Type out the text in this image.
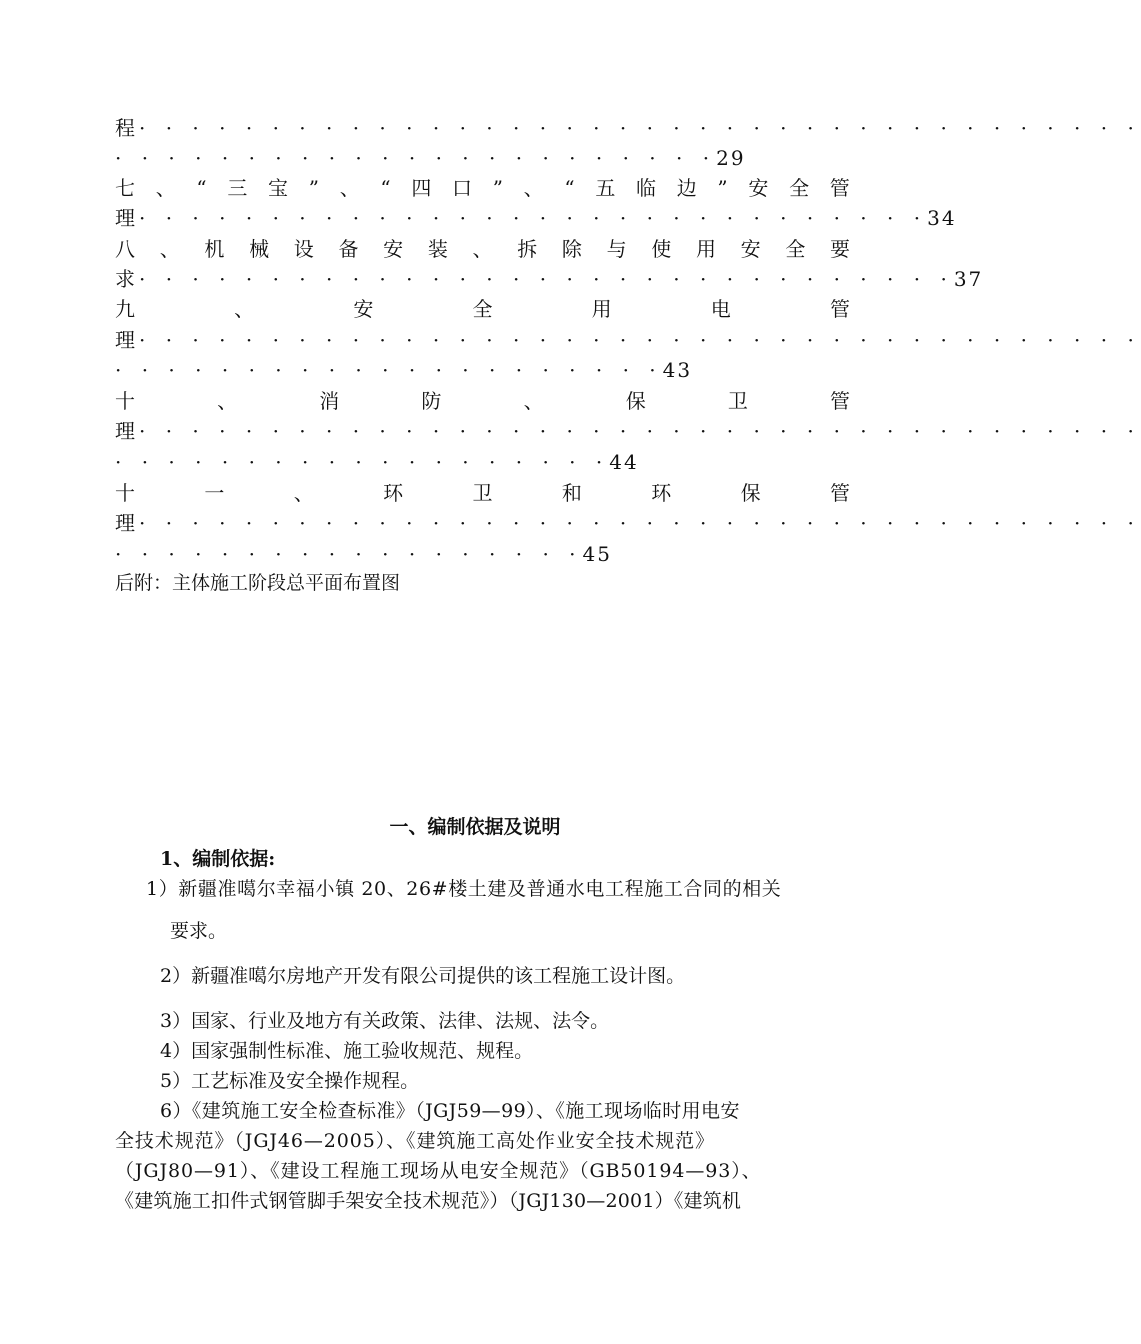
程 · · · · · · · · · · · · · · · · · · · · · · · · · · · · · · · · · · · · · ·
· · · · · · · · · · · · · · · · · · · · · · ·29
七 、 “ 三 宝 ” 、 “ 四 口 ” 、 “ 五 临 边 ” 安 全 管
理 · · · · · · · · · · · · · · · · · · · · · · · · · · · · · ·34
八 、 机 械 设 备 安 装 、 拆 除 与 使 用 安 全 要
求 · · · · · · · · · · · · · · · · · · · · · · · · · · · · · · ·37
九	、	安	全	用	电	管
理 · · · · · · · · · · · · · · · · · · · · · · · · · · · · · · · · · · · · · ·
· · · · · · · · · · · · · · · · · · · · ·43
十	、	消	防	、	保	卫	管
理 · · · · · · · · · · · · · · · · · · · · · · · · · · · · · · · · · · · · · ·
· · · · · · · · · · · · · · · · · · ·44
十	一	、	环	卫	和	环	保	管
理 · · · · · · · · · · · · · · · · · · · · · · · · · · · · · · · · · · · · · ·
· · · · · · · · · · · · · · · · · ·45
后附：主体施工阶段总平面布置图
一、编制依据及说明
1、编制依据:
1）新疆准噶尔幸福小镇 20、26#楼土建及普通水电工程施工合同的相关
要求。
2）新疆准噶尔房地产开发有限公司提供的该工程施工设计图。
3）国家、行业及地方有关政策、法律、法规、法令。
4）国家强制性标准、施工验收规范、规程。
5）工艺标准及安全操作规程。
6）《建筑施工安全检查标准》（JGJ59—99）、《施工现场临时用电安
全技术规范》（JGJ46—2005）、《建筑施工高处作业安全技术规范》
（JGJ80—91）、《建设工程施工现场从电安全规范》（GB50194—93）、
《建筑施工扣件式钢管脚手架安全技术规范》）（JGJ130—2001）《建筑机
